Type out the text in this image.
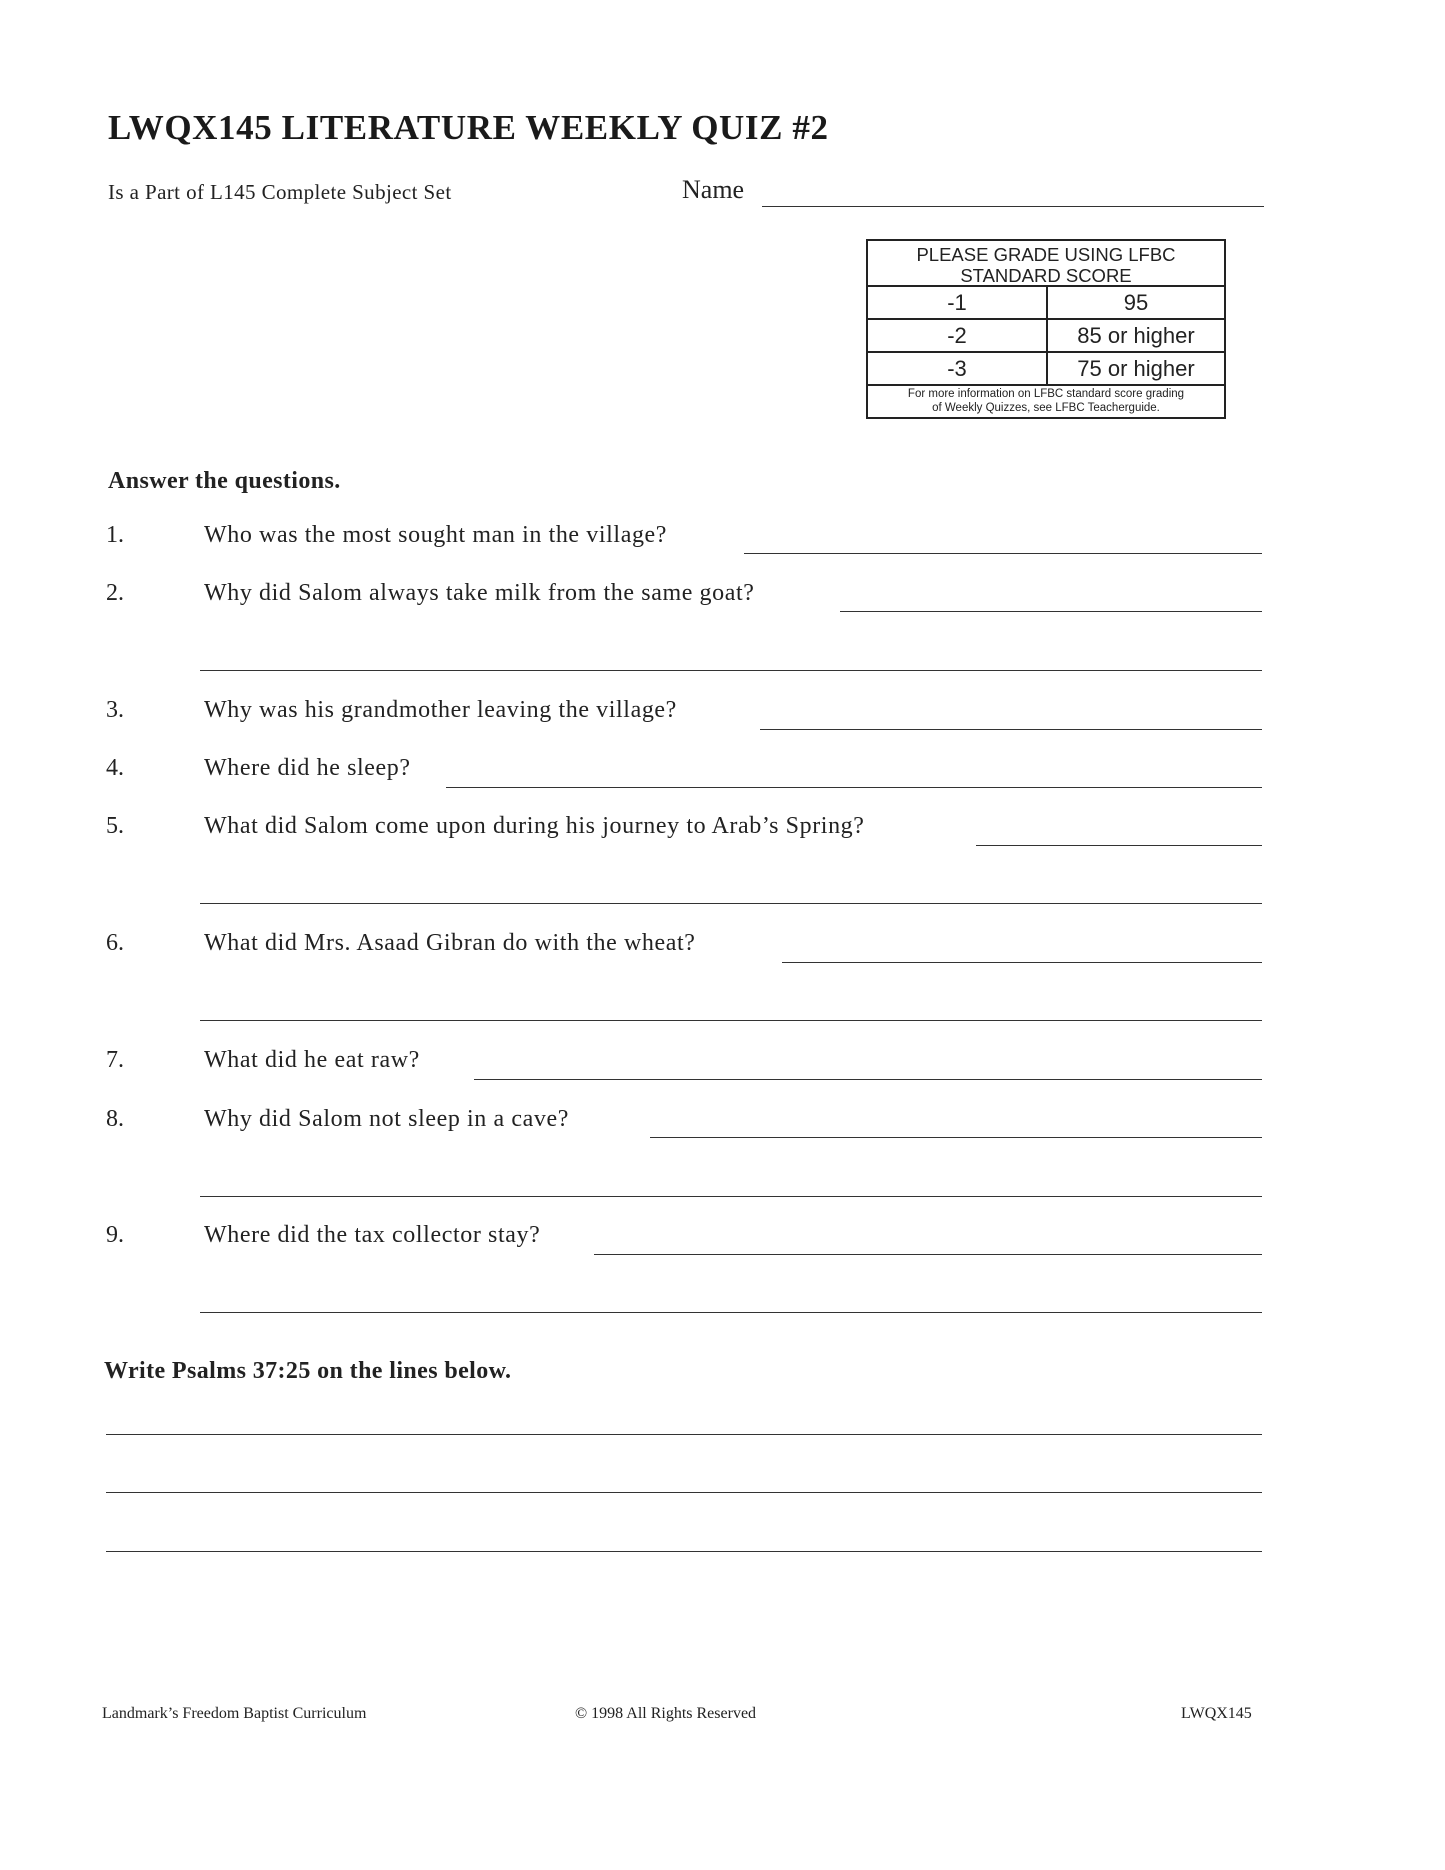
LWQX145 LITERATURE WEEKLY QUIZ #2
Is a Part of L145 Complete Subject Set	Name
PLEASE GRADE USING LFBC
STANDARD SCORE
-1	95
-2	85 or higher
-3	75 or higher
For more information on LFBC standard score grading
of Weekly Quizzes, see LFBC Teacherguide.
Answer the questions.
1.	Who was the most sought man in the village?
2.	Why did Salom always take milk from the same goat?
3.	Why was his grandmother leaving the village?
4.	Where did he sleep?
5.	What did Salom come upon during his journey to Arab’s Spring?
6.	What did Mrs. Asaad Gibran do with the wheat?
7.	What did he eat raw?
8.	Why did Salom not sleep in a cave?
9.	Where did the tax collector stay?
Write Psalms 37:25 on the lines below.
Landmark’s Freedom Baptist Curriculum	© 1998 All Rights Reserved	LWQX145
